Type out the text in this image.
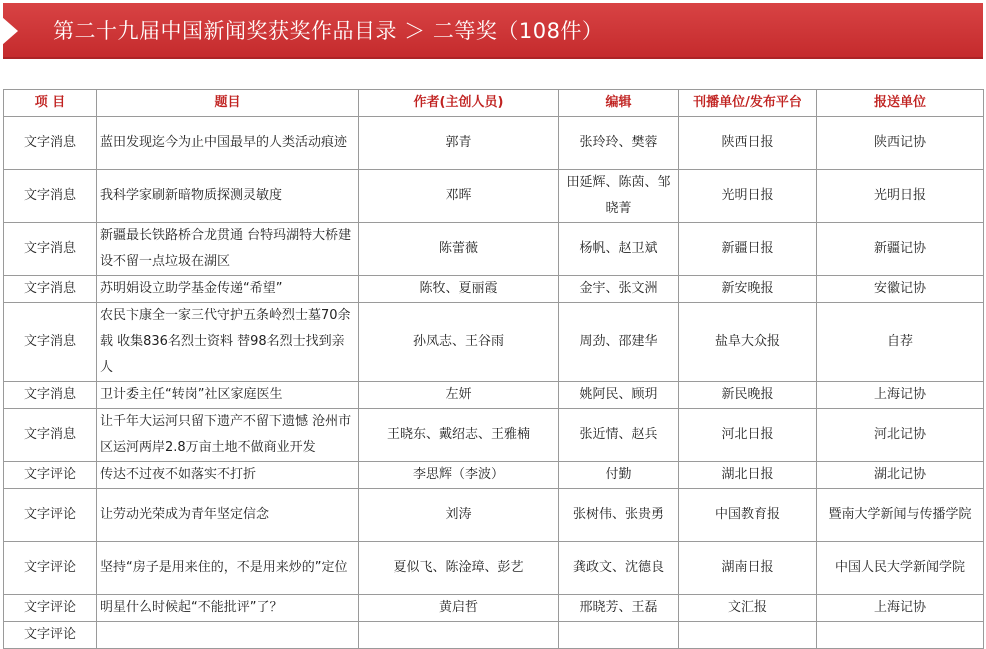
第二十九届中国新闻奖获奖作品目录 ＞ 二等奖（108件）
项 目	题目	作者(主创人员)	编辑	刊播单位/发布平台	报送单位
文字消息	蓝田发现迄今为止中国最早的人类活动痕迹	郭青	张玲玲、樊蓉	陕西日报	陕西记协
文字消息	我科学家刷新暗物质探测灵敏度	邓晖	田延辉、陈茵、邹晓菁	光明日报	光明日报
文字消息	新疆最长铁路桥合龙贯通 台特玛湖特大桥建设不留一点垃圾在湖区	陈蕾薇	杨帆、赵卫斌	新疆日报	新疆记协
文字消息	苏明娟设立助学基金传递“希望”	陈牧、夏丽霞	金宇、张文洲	新安晚报	安徽记协
文字消息	农民卞康全一家三代守护五条岭烈士墓70余载 收集836名烈士资料 替98名烈士找到亲人	孙凤志、王谷雨	周劲、邵建华	盐阜大众报	自荐
文字消息	卫计委主任“转岗”社区家庭医生	左妍	姚阿民、顾玥	新民晚报	上海记协
文字消息	让千年大运河只留下遗产不留下遗憾 沧州市区运河两岸2.8万亩土地不做商业开发	王晓东、戴绍志、王雅楠	张近情、赵兵	河北日报	河北记协
文字评论	传达不过夜不如落实不打折	李思辉（李波）	付勤	湖北日报	湖北记协
文字评论	让劳动光荣成为青年坚定信念	刘涛	张树伟、张贵勇	中国教育报	暨南大学新闻与传播学院
文字评论	坚持“房子是用来住的，不是用来炒的”定位	夏似飞、陈淦璋、彭艺	龚政文、沈德良	湖南日报	中国人民大学新闻学院
文字评论	明星什么时候起“不能批评”了？	黄启哲	邢晓芳、王磊	文汇报	上海记协
文字评论					
